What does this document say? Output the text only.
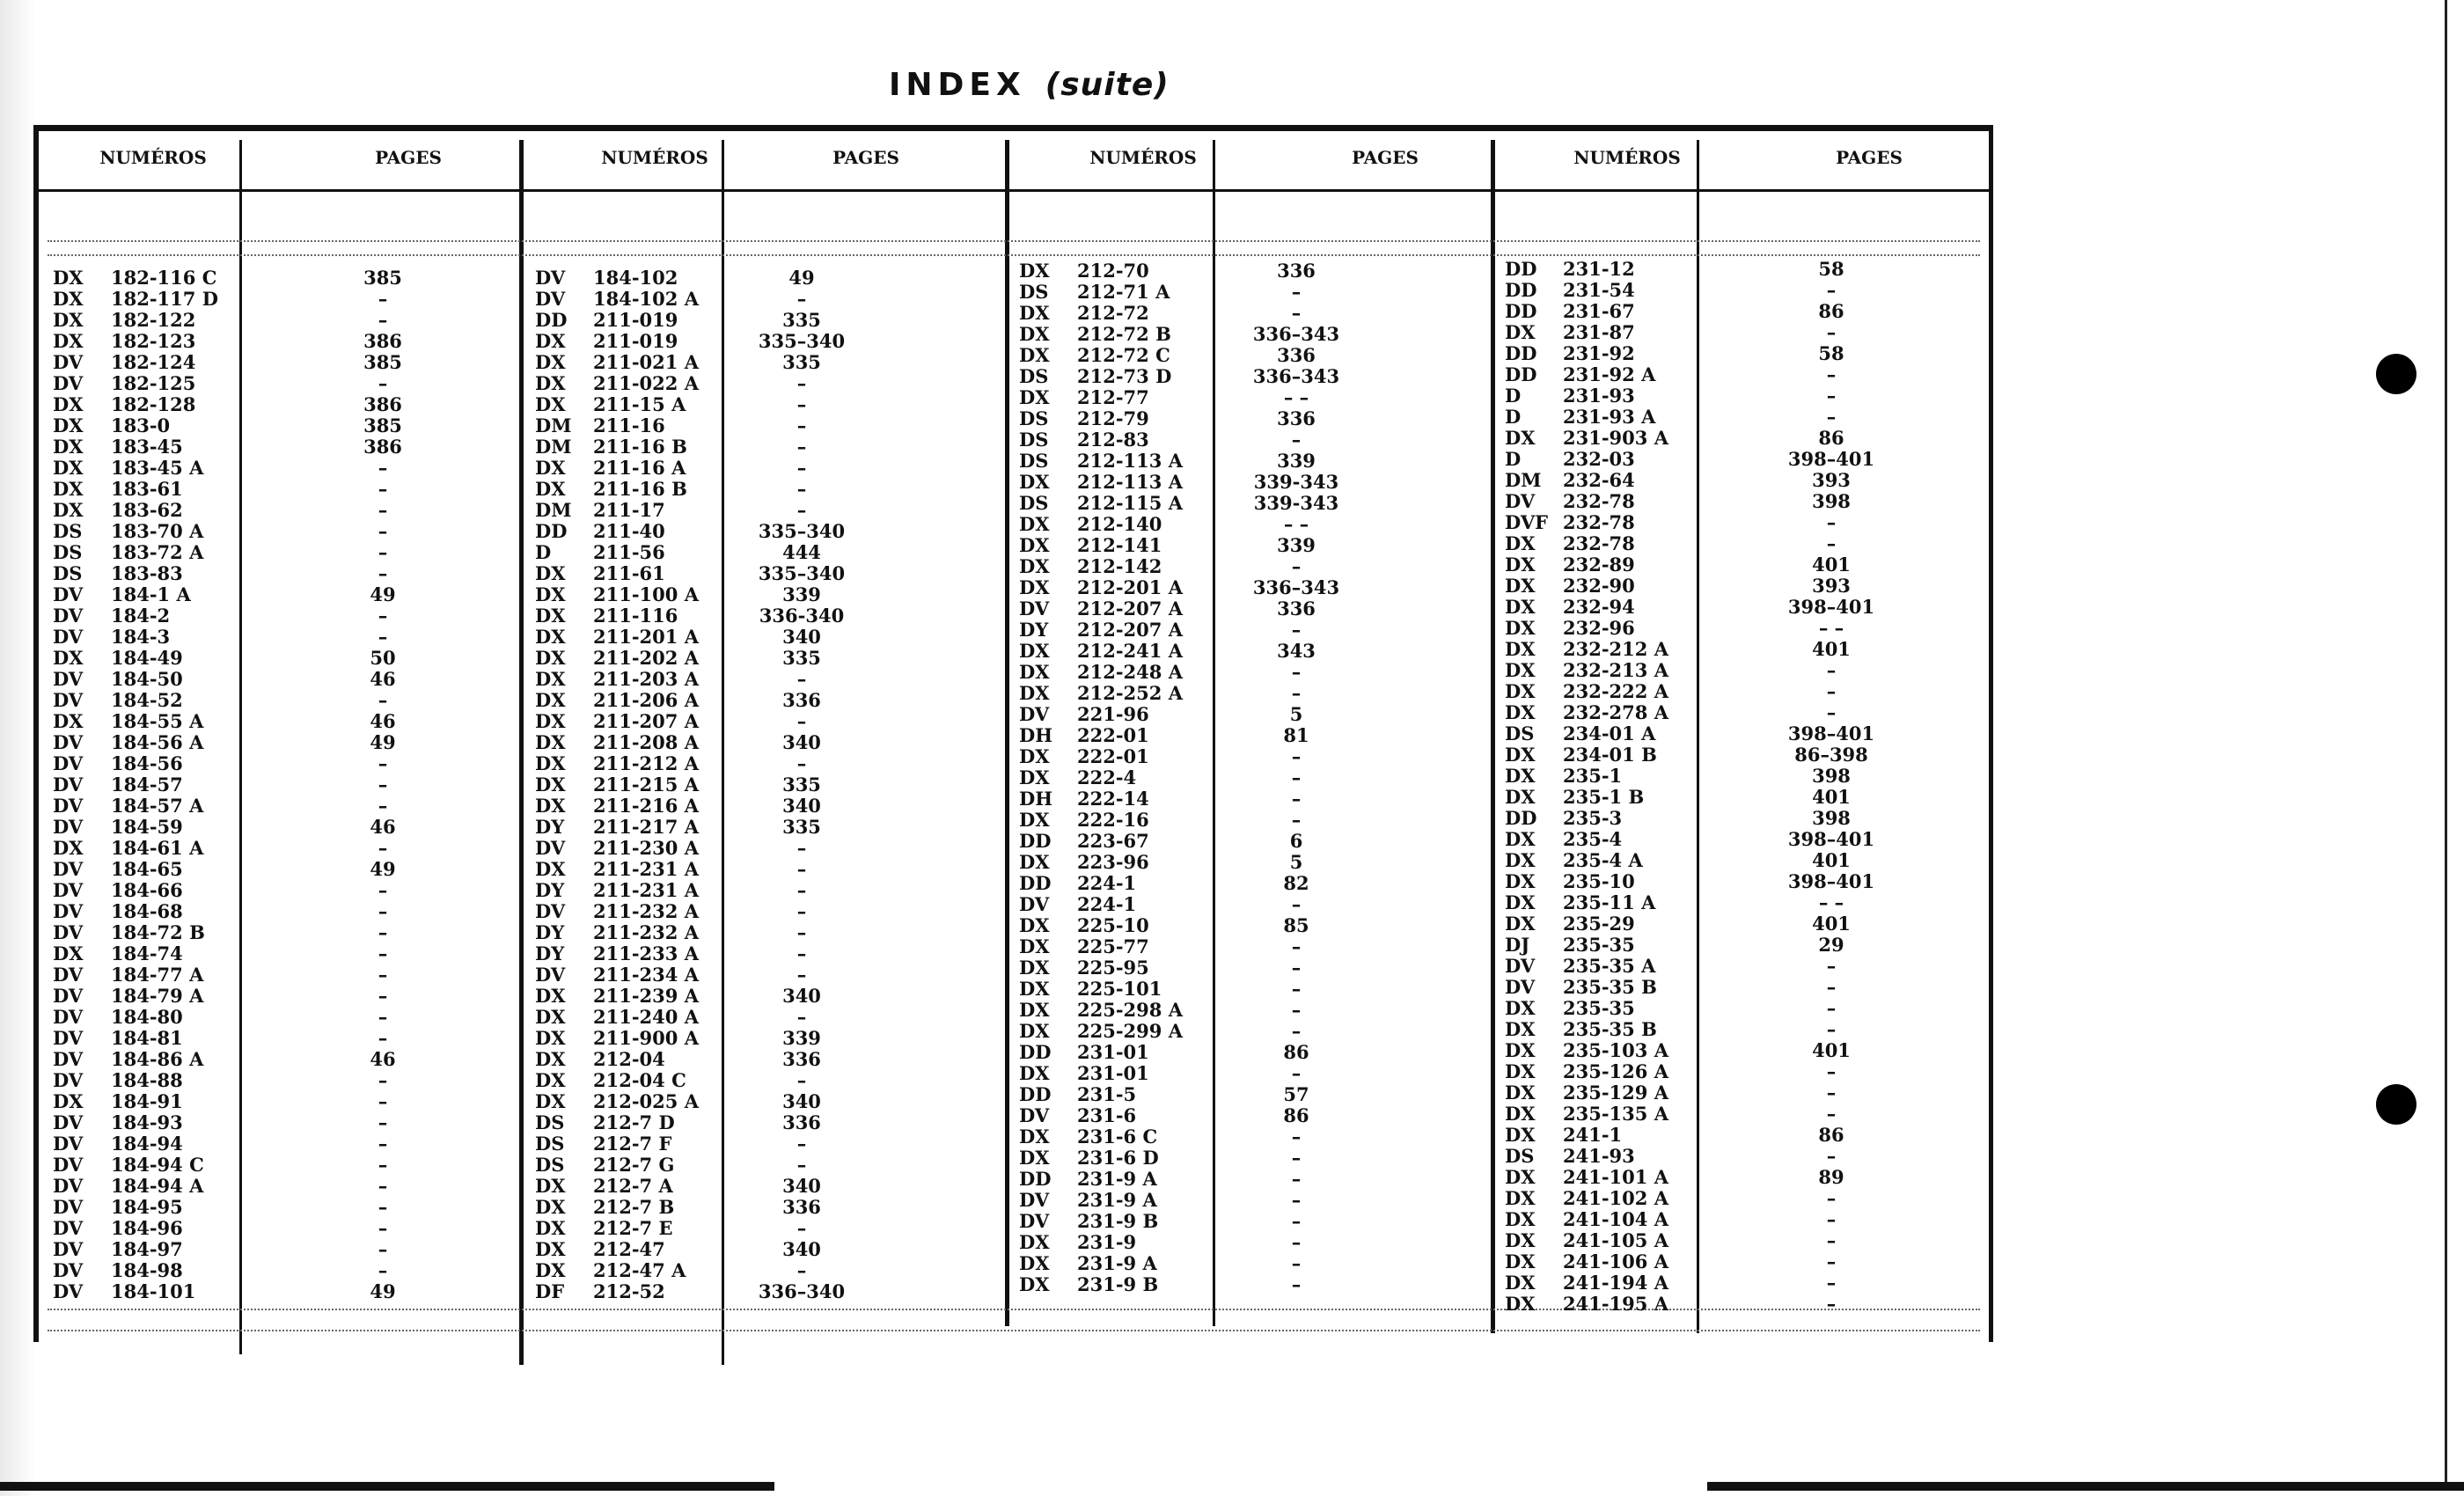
INDEX (suite)
NUMÉROS	PAGES	NUMÉROS	PAGES	NUMÉROS	PAGES	NUMÉROS	PAGES
DX	182-116 C	385
DX	182-117 D	–
DX	182-122	–
DX	182-123	386
DV	182-124	385
DV	182-125	–
DX	182-128	386
DX	183-0	385
DX	183-45	386
DX	183-45 A	–
DX	183-61	–
DX	183-62	–
DS	183-70 A	–
DS	183-72 A	–
DS	183-83	–
DV	184-1 A	49
DV	184-2	–
DV	184-3	–
DX	184-49	50
DV	184-50	46
DV	184-52	–
DX	184-55 A	46
DV	184-56 A	49
DV	184-56	–
DV	184-57	–
DV	184-57 A	–
DV	184-59	46
DX	184-61 A	–
DV	184-65	49
DV	184-66	–
DV	184-68	–
DV	184-72 B	–
DX	184-74	–
DV	184-77 A	–
DV	184-79 A	–
DV	184-80	–
DV	184-81	–
DV	184-86 A	46
DV	184-88	–
DX	184-91	–
DV	184-93	–
DV	184-94	–
DV	184-94 C	–
DV	184-94 A	–
DV	184-95	–
DV	184-96	–
DV	184-97	–
DV	184-98	–
DV	184-101	49
DV	184-102	49
DV	184-102 A	–
DD	211-019	335
DX	211-019	335–340
DX	211-021 A	335
DX	211-022 A	–
DX	211-15 A	–
DM	211-16	–
DM	211-16 B	–
DX	211-16 A	–
DX	211-16 B	–
DM	211-17	–
DD	211-40	335–340
D	211-56	444
DX	211-61	335–340
DX	211-100 A	339
DX	211-116	336-340
DX	211-201 A	340
DX	211-202 A	335
DX	211-203 A	–
DX	211-206 A	336
DX	211-207 A	–
DX	211-208 A	340
DX	211-212 A	–
DX	211-215 A	335
DX	211-216 A	340
DY	211-217 A	335
DV	211-230 A	–
DX	211-231 A	–
DY	211-231 A	–
DV	211-232 A	–
DY	211-232 A	–
DY	211-233 A	–
DV	211-234 A	–
DX	211-239 A	340
DX	211-240 A	–
DX	211-900 A	339
DX	212-04	336
DX	212-04 C	–
DX	212-025 A	340
DS	212-7 D	336
DS	212-7 F	–
DS	212-7 G	–
DX	212-7 A	340
DX	212-7 B	336
DX	212-7 E	–
DX	212-47	340
DX	212-47 A	–
DF	212-52	336–340
DX	212-70	336
DS	212-71 A	–
DX	212-72	–
DX	212-72 B	336–343
DX	212-72 C	336
DS	212-73 D	336–343
DX	212-77	– –
DS	212-79	336
DS	212-83	–
DS	212-113 A	339
DX	212-113 A	339-343
DS	212-115 A	339-343
DX	212-140	– –
DX	212-141	339
DX	212-142	–
DX	212-201 A	336–343
DV	212-207 A	336
DY	212-207 A	–
DX	212-241 A	343
DX	212-248 A	–
DX	212-252 A	–
DV	221-96	5
DH	222-01	81
DX	222-01	–
DX	222-4	–
DH	222-14	–
DX	222-16	–
DD	223-67	6
DX	223-96	5
DD	224-1	82
DV	224-1	–
DX	225-10	85
DX	225-77	–
DX	225-95	–
DX	225-101	–
DX	225-298 A	–
DX	225-299 A	–
DD	231-01	86
DX	231-01	–
DD	231-5	57
DV	231-6	86
DX	231-6 C	–
DX	231-6 D	–
DD	231-9 A	–
DV	231-9 A	–
DV	231-9 B	–
DX	231-9	–
DX	231-9 A	–
DX	231-9 B	–
DD	231-12	58
DD	231-54	–
DD	231-67	86
DX	231-87	–
DD	231-92	58
DD	231-92 A	–
D	231-93	–
D	231-93 A	–
DX	231-903 A	86
D	232-03	398–401
DM	232-64	393
DV	232-78	398
DVF 232-78	–
DX	232-78	–
DX	232-89	401
DX	232-90	393
DX	232-94	398–401
DX	232-96	– –
DX	232-212 A	401
DX	232-213 A	–
DX	232-222 A	–
DX	232-278 A	–
DS	234-01 A	398–401
DX	234-01 B	86–398
DX	235-1	398
DX	235-1 B	401
DD	235-3	398
DX	235-4	398–401
DX	235-4 A	401
DX	235-10	398–401
DX	235-11 A	– –
DX	235-29	401
DJ	235-35	29
DV	235-35 A	–
DV	235-35 B	–
DX	235-35	–
DX	235-35 B	–
DX	235-103 A	401
DX	235-126 A	–
DX	235-129 A	–
DX	235-135 A	–
DX	241-1	86
DS	241-93	–
DX	241-101 A	89
DX	241-102 A	–
DX	241-104 A	–
DX	241-105 A	–
DX	241-106 A	–
DX	241-194 A	–
DX	241-195 A	–
